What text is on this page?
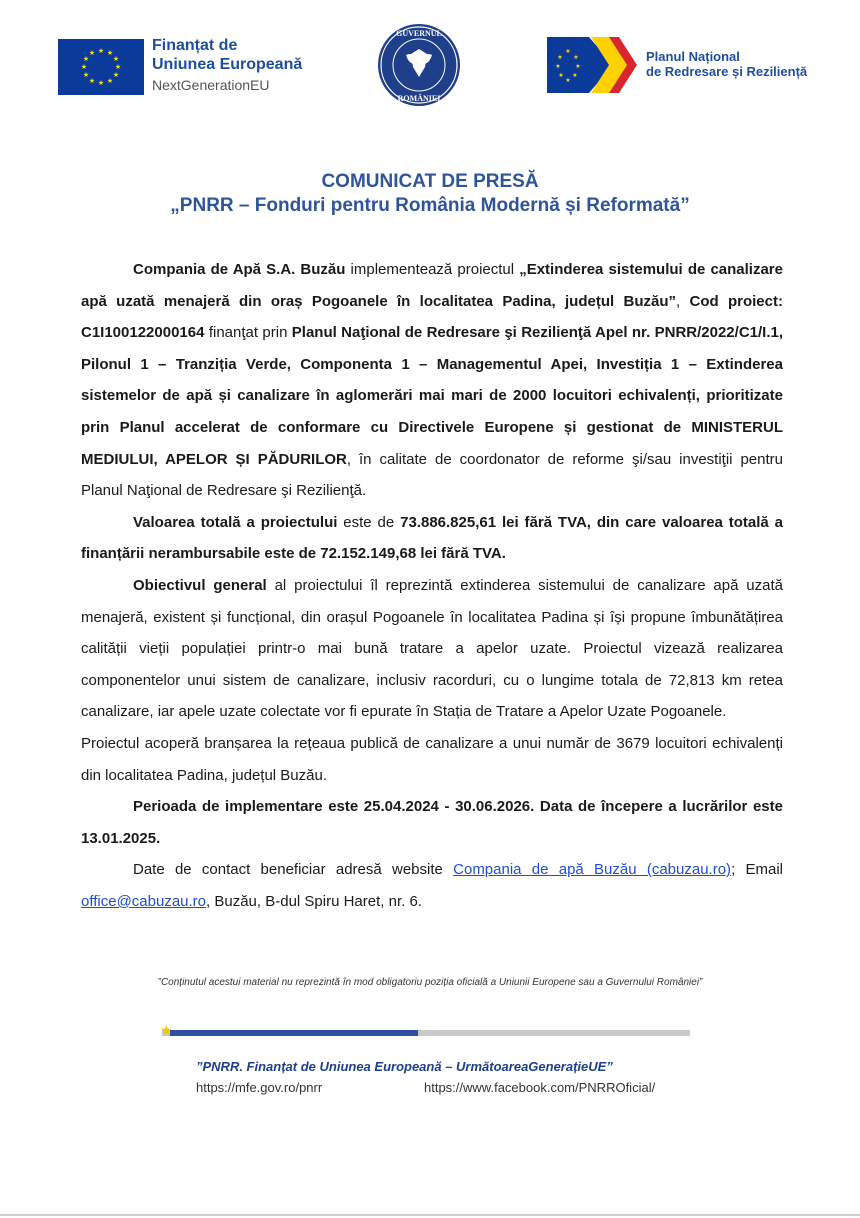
★ ★
★
★
★
★
★
★
★
★
★
★	Finanțat de
Uniunea Europeană
NextGenerationEU
GUVERNUL
ROMÂNIEI
★
★
★
★
★
★
★
★	Planul Național
de Redresare și Reziliență
COMUNICAT DE PRESĂ
„PNRR – Fonduri pentru România Modernă și Reformată”

Compania de Apă S.A. Buzău implementează proiectul „Extinderea sistemului de canalizare apă uzată menajeră din oraș Pogoanele în localitatea Padina, județul Buzău”, Cod proiect: C1I100122000164 finanţat prin Planul Naţional de Redresare şi Rezilienţă Apel nr. PNRR/2022/C1/I.1, Pilonul 1 – Tranziția Verde, Componenta 1 – Managementul Apei, Investiția 1 – Extinderea sistemelor de apă și canalizare în aglomerări mai mari de 2000 locuitori echivalenți, prioritizate prin Planul accelerat de conformare cu Directivele Europene și gestionat de MINISTERUL MEDIULUI, APELOR ȘI PĂDURILOR, în calitate de coordonator de reforme şi/sau investiţii pentru Planul Naţional de Redresare şi Rezilienţă.

Valoarea totală a proiectului este de 73.886.825,61 lei fără TVA, din care valoarea totală a finanțării nerambursabile este de 72.152.149,68 lei fără TVA.

Obiectivul general al proiectului îl reprezintă extinderea sistemului de canalizare apă uzată menajeră, existent și funcțional, din orașul Pogoanele în localitatea Padina și își propune îmbunătățirea calității vieții populației printr-o mai bună tratare a apelor uzate. Proiectul vizează realizarea componentelor unui sistem de canalizare, inclusiv racorduri, cu o lungime totala de 72,813 km retea canalizare, iar apele uzate colectate vor fi epurate în Stația de Tratare a Apelor Uzate Pogoanele.

Proiectul acoperă branșarea la rețeaua publică de canalizare a unui număr de 3679 locuitori echivalenți din localitatea Padina, județul Buzău.

Perioada de implementare este 25.04.2024 - 30.06.2026. Data de începere a lucrărilor este 13.01.2025.

Date de contact beneficiar adresă website Compania de apă Buzău (cabuzau.ro); Email office@cabuzau.ro, Buzău, B-dul Spiru Haret, nr. 6.

”Conținutul acestui material nu reprezintă în mod obligatoriu poziția oficială a Uniunii Europene sau a Guvernului României”
★
”PNRR. Finanțat de Uniunea Europeană – UrmătoareaGenerațieUE”
https://mfe.gov.ro/pnrr	https://www.facebook.com/PNRROficial/
